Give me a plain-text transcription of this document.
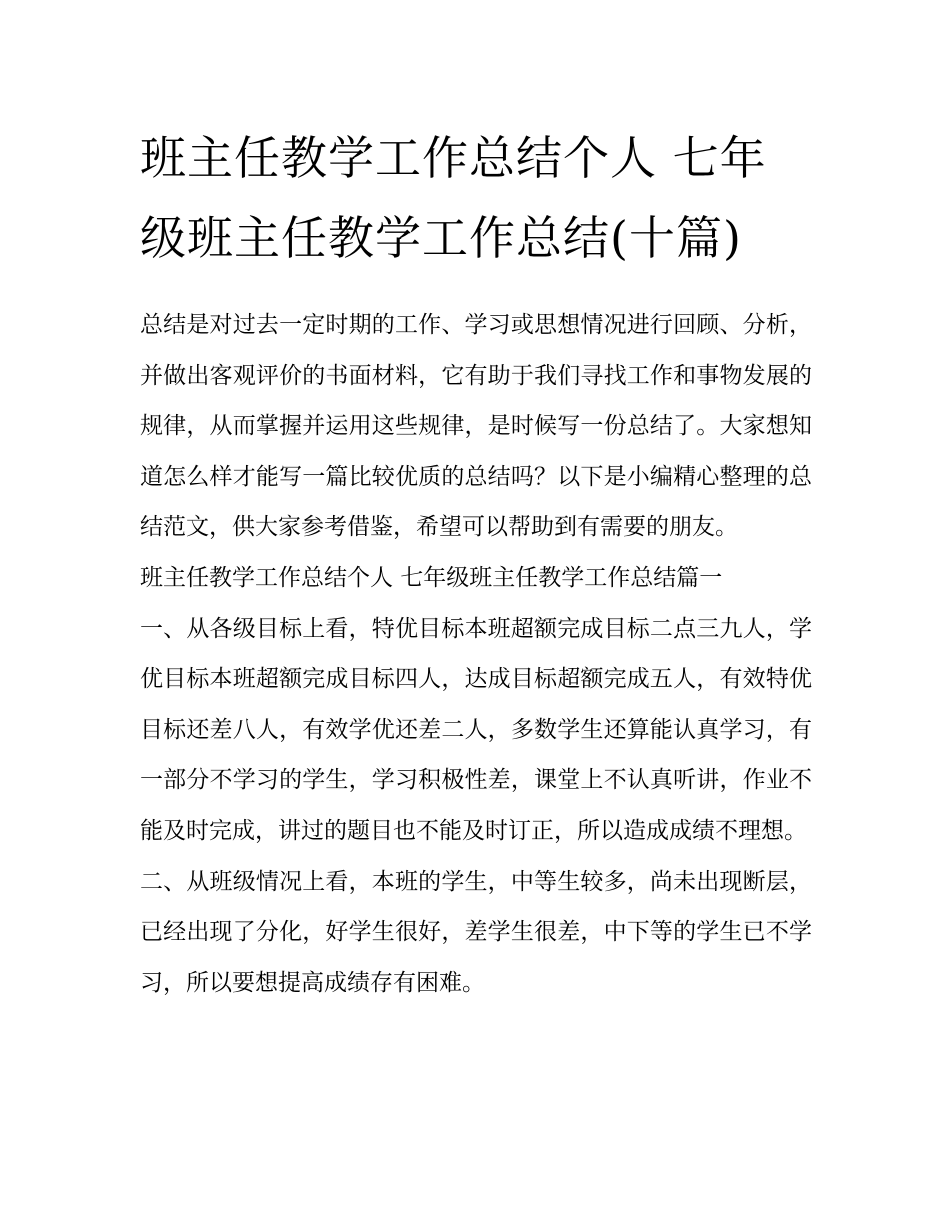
班主任教学工作总结个人 七年级班主任教学工作总结(十篇)

总结是对过去一定时期的工作、学习或思想情况进行回顾、分析，并做出客观评价的书面材料，它有助于我们寻找工作和事物发展的规律，从而掌握并运用这些规律，是时候写一份总结了。大家想知道怎么样才能写一篇比较优质的总结吗？以下是小编精心整理的总结范文，供大家参考借鉴，希望可以帮助到有需要的朋友。

班主任教学工作总结个人 七年级班主任教学工作总结篇一

一、从各级目标上看，特优目标本班超额完成目标二点三九人，学优目标本班超额完成目标四人，达成目标超额完成五人，有效特优目标还差八人，有效学优还差二人，多数学生还算能认真学习，有一部分不学习的学生，学习积极性差，课堂上不认真听讲，作业不能及时完成，讲过的题目也不能及时订正，所以造成成绩不理想。

二、从班级情况上看，本班的学生，中等生较多，尚未出现断层，已经出现了分化，好学生很好，差学生很差，中下等的学生已不学习，所以要想提高成绩存有困难。
